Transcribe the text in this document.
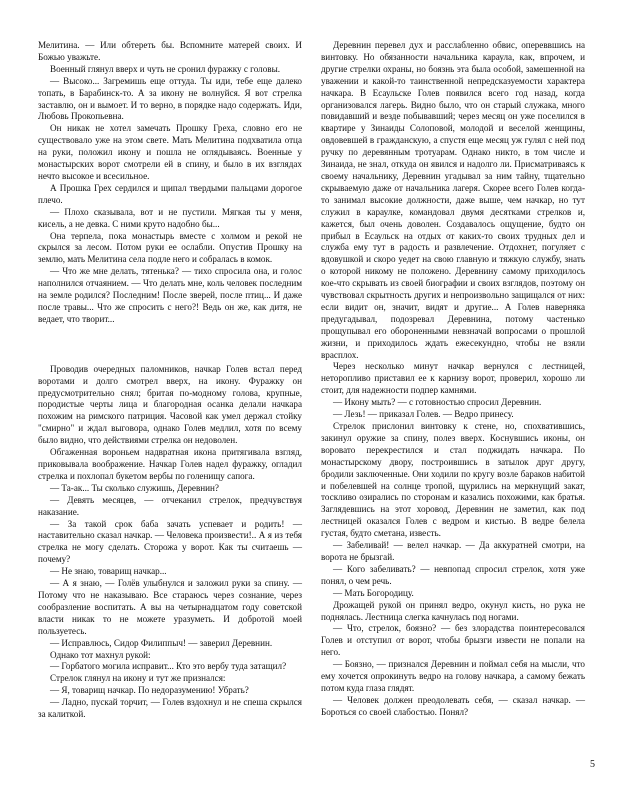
Мелитина. — Или обтереть бы. Вспомните матерей своих. И Божью уважьте.

Военный глянул вверх и чуть не сронил фуражку с головы.

— Высоко... Загремишь еще оттуда. Ты иди, тебе еще далеко топать, в Барабинск-то. А за икону не волнуйся. Я вот стрелка заставлю, он и вымоет. И то верно, в порядке надо содержать. Иди, Любовь Прокопьевна.

Он никак не хотел замечать Прошку Греха, словно его не существовало уже на этом свете. Мать Мелитина подхватила отца на руки, положил икону и пошла не оглядываясь. Военные у монастырских ворот смотрели ей в спину, и было в их взглядах нечто высокое и всесильное.

А Прошка Грех сердился и щипал твердыми пальцами дорогое плечо.

— Плохо сказывала, вот и не пустили. Мягкая ты у меня, кисель, а не девка. С ними круто надобно бы...

Она терпела, пока монастырь вместе с холмом и рекой не скрылся за лесом. Потом руки ее ослабли. Опустив Прошку на землю, мать Мелитина села подле него и собралась в комок.

— Что же мне делать, тятенька? — тихо спросила она, и голос наполнился отчаянием. — Что делать мне, коль человек последним на земле родился? Последним! После зверей, после птиц... И даже после травы... Что же спросить с него?! Ведь он же, как дитя, не ведает, что творит...

Проводив очередных паломников, начкар Голев встал перед воротами и долго смотрел вверх, на икону. Фуражку он предусмотрительно снял; бритая по-модному голова, крупные, породистые черты лица и благородная осанка делали начкара похожим на римского патриция. Часовой как умел держал стойку "смирно" и ждал выговора, однако Голев медлил, хотя по всему было видно, что действиями стрелка он недоволен.

Обгаженная вороньем надвратная икона притягивала взгляд, приковывала воображение. Начкар Голев надел фуражку, огладил стрелка и похлопал букетом вербы по голенищу сапога.

— Та-ак... Ты сколько служишь, Деревнин?

— Девять месяцев, — отчеканил стрелок, предчувствуя наказание.

— За такой срок баба зачать успевает и родить! — наставительно сказал начкар. — Человека произвести!.. А я из тебя стрелка не могу сделать. Сторожа у ворот. Как ты считаешь — почему?

— Не знаю, товарищ начкар...

— А я знаю, — Голёв улыбнулся и заложил руки за спину. — Потому что не наказываю. Все стараюсь через сознание, через сообразление воспитать. А вы на четырнадцатом году советской власти никак то не можете уразуметь. И добротой моей пользуетесь.

— Исправлюсь, Сидор Филиппыч! — заверил Деревнин.

Однако тот махнул рукой:

— Горбатого могила исправит... Кто это вербу туда затащил?

Стрелок глянул на икону и тут же признался:

— Я, товарищ начкар. По недоразумению! Убрать?

— Ладно, пускай торчит, — Голев вздохнул и не спеша скрылся за калиткой.

Деревнин перевел дух и расслабленно обвис, опереввшись на винтовку. Но обязанности начальника караула, как, впрочем, и другие стрелки охраны, но боязнь эта была особой, замешенной на уважении и какой-то таинственной непредсказуемости характера начкара. В Есаульске Голев появился всего год назад, когда организовался лагерь. Видно было, что он старый служака, много повидавший и везде побывавший; через месяц он уже поселился в квартире у Зинаиды Солоповой, молодой и веселой женщины, овдовевшей в гражданскую, а спустя еще месяц уж гулял с ней под ручку по деревянным тротуарам. Однако никто, в том числе и Зинаида, не знал, откуда он явился и надолго ли. Присматриваясь к своему начальнику, Деревнин угадывал за ним тайну, тщательно скрываемую даже от начальника лагеря. Скорее всего Голев когда-то занимал высокие должности, даже выше, чем начкар, но тут служил в караулке, командовал двумя десятками стрелков и, кажется, был очень доволен. Создавалось ощущение, будто он прибыл в Есаульск на отдых от каких-то своих трудных дел и служба ему тут в радость и развлечение. Отдохнет, погуляет с вдовушкой и скоро уедет на свою главную и тяжкую службу, знать о которой никому не положено. Деревнину самому приходилось кое-что скрывать из своей биографии и своих взглядов, поэтому он чувствовал скрытность других и непроизвольно защищался от них: если видит он, значит, видят и другие... А Голев наверняка предугадывал, подозревал Деревнина, потому частенько прощупывал его обороненными невзначай вопросами о прошлой жизни, и приходилось ждать ежесекундно, чтобы не взяли врасплох.

Через несколько минут начкар вернулся с лестницей, неторопливо приставил ее к карнизу ворот, проверил, хорошо ли стоит, для надежности подпер камнями.

— Икону мыть? — с готовностью спросил Деревнин.

— Лезь! — приказал Голев. — Ведро принесу.

Стрелок прислонил винтовку к стене, но, спохватившись, закинул оружие за спину, полез вверх. Коснувшись иконы, он воровато перекрестился и стал поджидать начкара. По монастырскому двору, построившись в затылок друг другу, бродили заключенные. Они ходили по кругу возле бараков набитой и побелевшей на солнце тропой, щурились на меркнущий закат, тоскливо озирались по сторонам и казались похожими, как братья. Заглядевшись на этот хоровод, Деревнин не заметил, как под лестницей оказался Голев с ведром и кистью. В ведре белела густая, будто сметана, известь.

— Забеливай! — велел начкар. — Да аккуратней смотри, на ворота не брызгай.

— Кого забеливать? — невпопад спросил стрелок, хотя уже понял, о чем речь.

— Мать Богородицу.

Дрожащей рукой он принял ведро, окунул кисть, но рука не поднялась. Лестница слегка качнулась под ногами.

— Что, стрелок, боязно? — без злорадства поинтересовался Голев и отступил от ворот, чтобы брызги извести не попали на него.

— Боязно, — признался Деревнин и поймал себя на мысли, что ему хочется опрокинуть ведро на голову начкара, а самому бежать потом куда глаза глядят.

— Человек должен преодолевать себя, — сказал начкар. — Бороться со своей слабостью. Понял?

5
